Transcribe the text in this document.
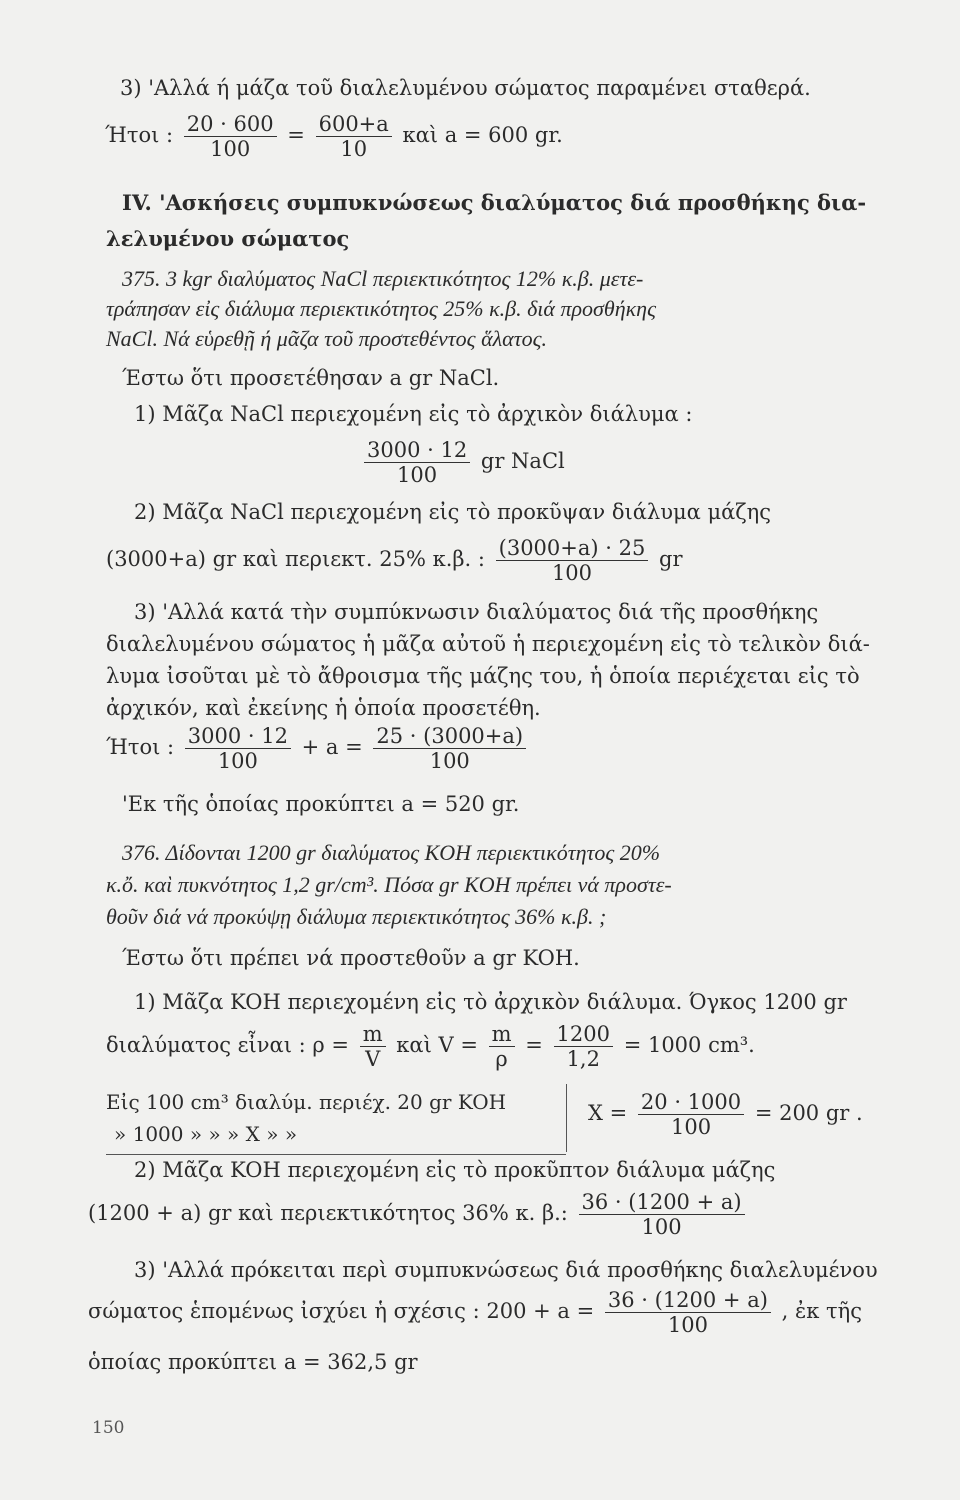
3) 'Αλλά ή μάζα τοῦ διαλελυμένου σώματος παραμένει σταθερά.
Ήτοι : $\frac{20 \cdot 600}{100} = \frac{600+a}{10}$ καὶ a = 600 gr.
IV. 'Ασκήσεις συμπυκνώσεως διαλύματος διά προσθήκης δια-
λελυμένου σώματος
375. 3 kgr διαλύματος NaCl περιεκτικότητος 12% κ.β. μετε-
τράπησαν εἰς διάλυμα περιεκτικότητος 25% κ.β. διά προσθήκης
NaCl. Νά εὑρεθῇ ή μᾶζα τοῦ προστεθέντος ἅλατος.
Έστω ὅτι προσετέθησαν a gr NaCl.
1) Μᾶζα NaCl περιεχομένη εἰς τὸ ἀρχικὸν διάλυμα :
$\frac{3000 \cdot 12}{100}$ gr NaCl
2) Μᾶζα NaCl περιεχομένη εἰς τὸ προκῦψαν διάλυμα μάζης
(3000+a) gr καὶ περιεκτ. 25% κ.β. : $\frac{(3000+a) \cdot 25}{100}$ gr
3) 'Αλλά κατά τὴν συμπύκνωσιν διαλύματος διά τῆς προσθήκης
διαλελυμένου σώματος ἡ μᾶζα αὐτοῦ ἡ περιεχομένη εἰς τὸ τελικὸν διά-
λυμα ἰσοῦται μὲ τὸ ἄθροισμα τῆς μάζης του, ἡ ὁποία περιέχεται εἰς τὸ
ἀρχικόν, καὶ ἐκείνης ἡ ὁποία προσετέθη.
Ήτοι : $\frac{3000 \cdot 12}{100} + a = \frac{25 \cdot (3000+a)}{100}$
'Εκ τῆς ὁποίας προκύπτει a = 520 gr.
376. Δίδονται 1200 gr διαλύματος KOH περιεκτικότητος 20%
κ.ὄ. καὶ πυκνότητος 1,2 gr/cm³. Πόσα gr KOH πρέπει νά προστε-
θοῦν διά νά προκύψῃ διάλυμα περιεκτικότητος 36% κ.β. ;
Έστω ὅτι πρέπει νά προστεθοῦν a gr KOH.
1) Μᾶζα KOH περιεχομένη εἰς τὸ ἀρχικὸν διάλυμα. Όγκος 1200 gr
διαλύματος εἶναι : $\rho = \frac{m}{V}$ καὶ $V = \frac{m}{\rho} = \frac{1200}{1,2} = 1000$ cm³.
Εἰς 100 cm³ διαλύμ. περιέχ. 20 gr KOH
» 1000 » » » X » »
$X = \frac{20 \cdot 1000}{100} = 200$ gr .
2) Μᾶζα KOH περιεχομένη εἰς τὸ προκῦπτον διάλυμα μάζης
(1200 + a) gr καὶ περιεκτικότητος 36% κ. β.: $\frac{36 \cdot (1200 + a)}{100}$
3) 'Αλλά πρόκειται περὶ συμπυκνώσεως διά προσθήκης διαλελυμένου
σώματος ἑπομένως ἰσχύει ἡ σχέσις : $200 + a = \frac{36 \cdot (1200 + a)}{100}$ , ἐκ τῆς
ὁποίας προκύπτει a = 362,5 gr
150
